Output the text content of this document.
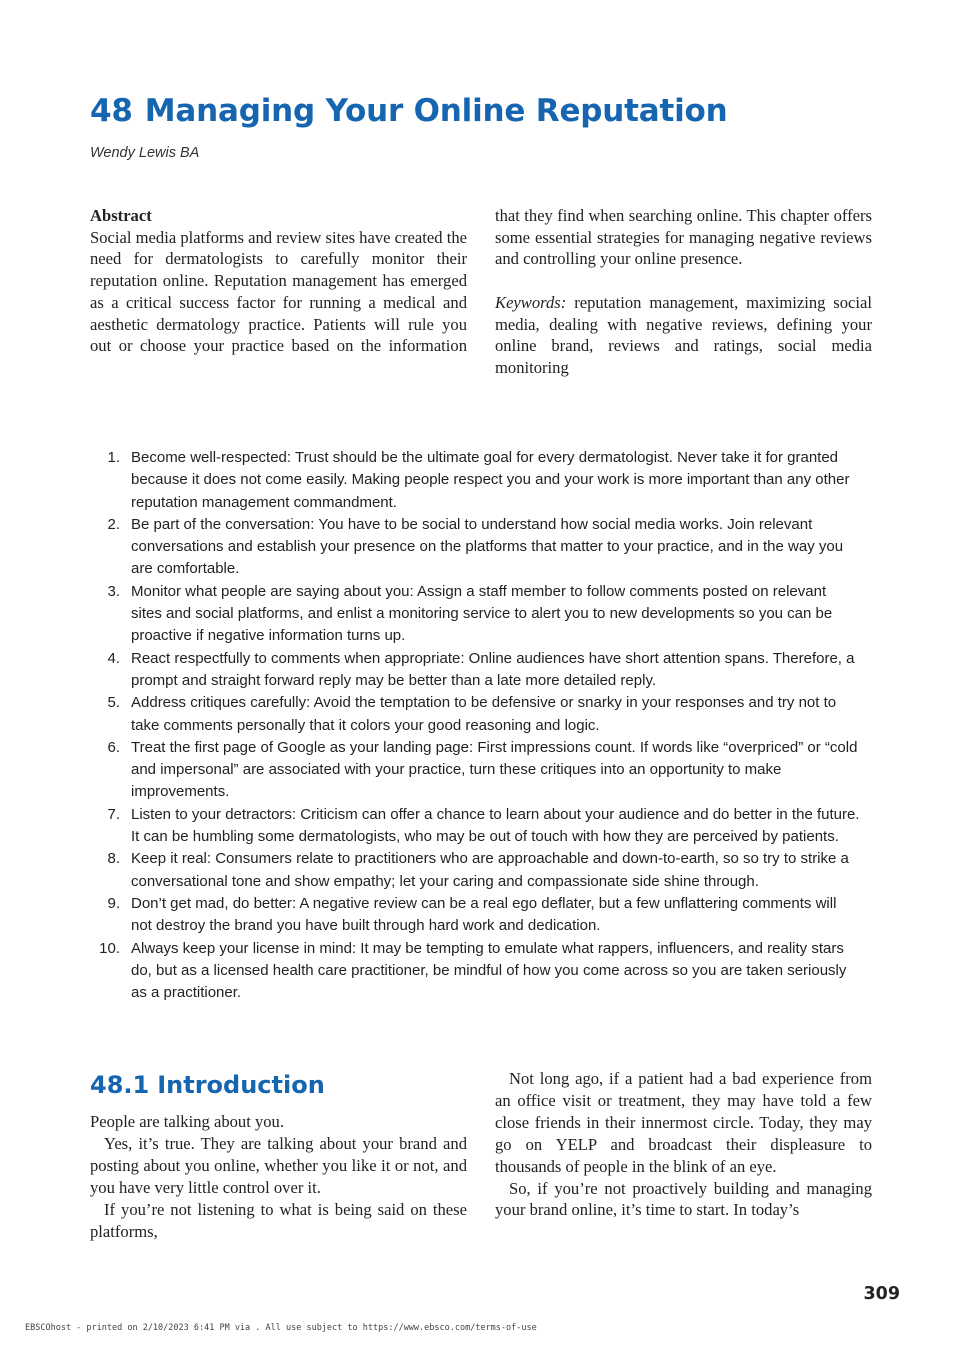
48 Managing Your Online Reputation
Wendy Lewis BA

Abstract

Social media platforms and review sites have created the need for dermatologists to carefully monitor their reputation online. Reputation management has emerged as a critical success factor for running a medical and aesthetic dermatology practice. Patients will rule you out or choose your practice based on the information that they find when searching online. This chapter offers some essential strategies for managing negative reviews and controlling your online presence.

Keywords: reputation management, maximizing social media, dealing with negative reviews, defining your online brand, reviews and ratings, social media monitoring

1. Become well-respected: Trust should be the ultimate goal for every dermatologist. Never take it for granted because it does not come easily. Making people respect you and your work is more important than any other reputation management commandment.
2. Be part of the conversation: You have to be social to understand how social media works. Join relevant conversations and establish your presence on the platforms that matter to your practice, and in the way you are comfortable.
3. Monitor what people are saying about you: Assign a staff member to follow comments posted on relevant sites and social platforms, and enlist a monitoring service to alert you to new developments so you can be proactive if negative information turns up.
4. React respectfully to comments when appropriate: Online audiences have short attention spans. Therefore, a prompt and straight forward reply may be better than a late more detailed reply.
5. Address critiques carefully: Avoid the temptation to be defensive or snarky in your responses and try not to take comments personally that it colors your good reasoning and logic.
6. Treat the first page of Google as your landing page: First impressions count. If words like “overpriced” or “cold and impersonal” are associated with your practice, turn these critiques into an opportunity to make improvements.
7. Listen to your detractors: Criticism can offer a chance to learn about your audience and do better in the future. It can be humbling some dermatologists, who may be out of touch with how they are perceived by patients.
8. Keep it real: Consumers relate to practitioners who are approachable and down-to-earth, so so try to strike a conversational tone and show empathy; let your caring and compassionate side shine through.
9. Don’t get mad, do better: A negative review can be a real ego deflater, but a few unflattering comments will not destroy the brand you have built through hard work and dedication.
10. Always keep your license in mind: It may be tempting to emulate what rappers, influencers, and reality stars do, but as a licensed health care practitioner, be mindful of how you come across so you are taken seriously as a practitioner.
48.1 Introduction

People are talking about you.

Yes, it’s true. They are talking about your brand and posting about you online, whether you like it or not, and you have very little control over it.

If you’re not listening to what is being said on these platforms,

Not long ago, if a patient had a bad experience from an office visit or treatment, they may have told a few close friends in their innermost circle. Today, they may go on YELP and broadcast their displeasure to thousands of people in the blink of an eye.

So, if you’re not proactively building and managing your brand online, it’s time to start. In today’s

309
EBSCOhost - printed on 2/10/2023 6:41 PM via . All use subject to https://www.ebsco.com/terms-of-use
